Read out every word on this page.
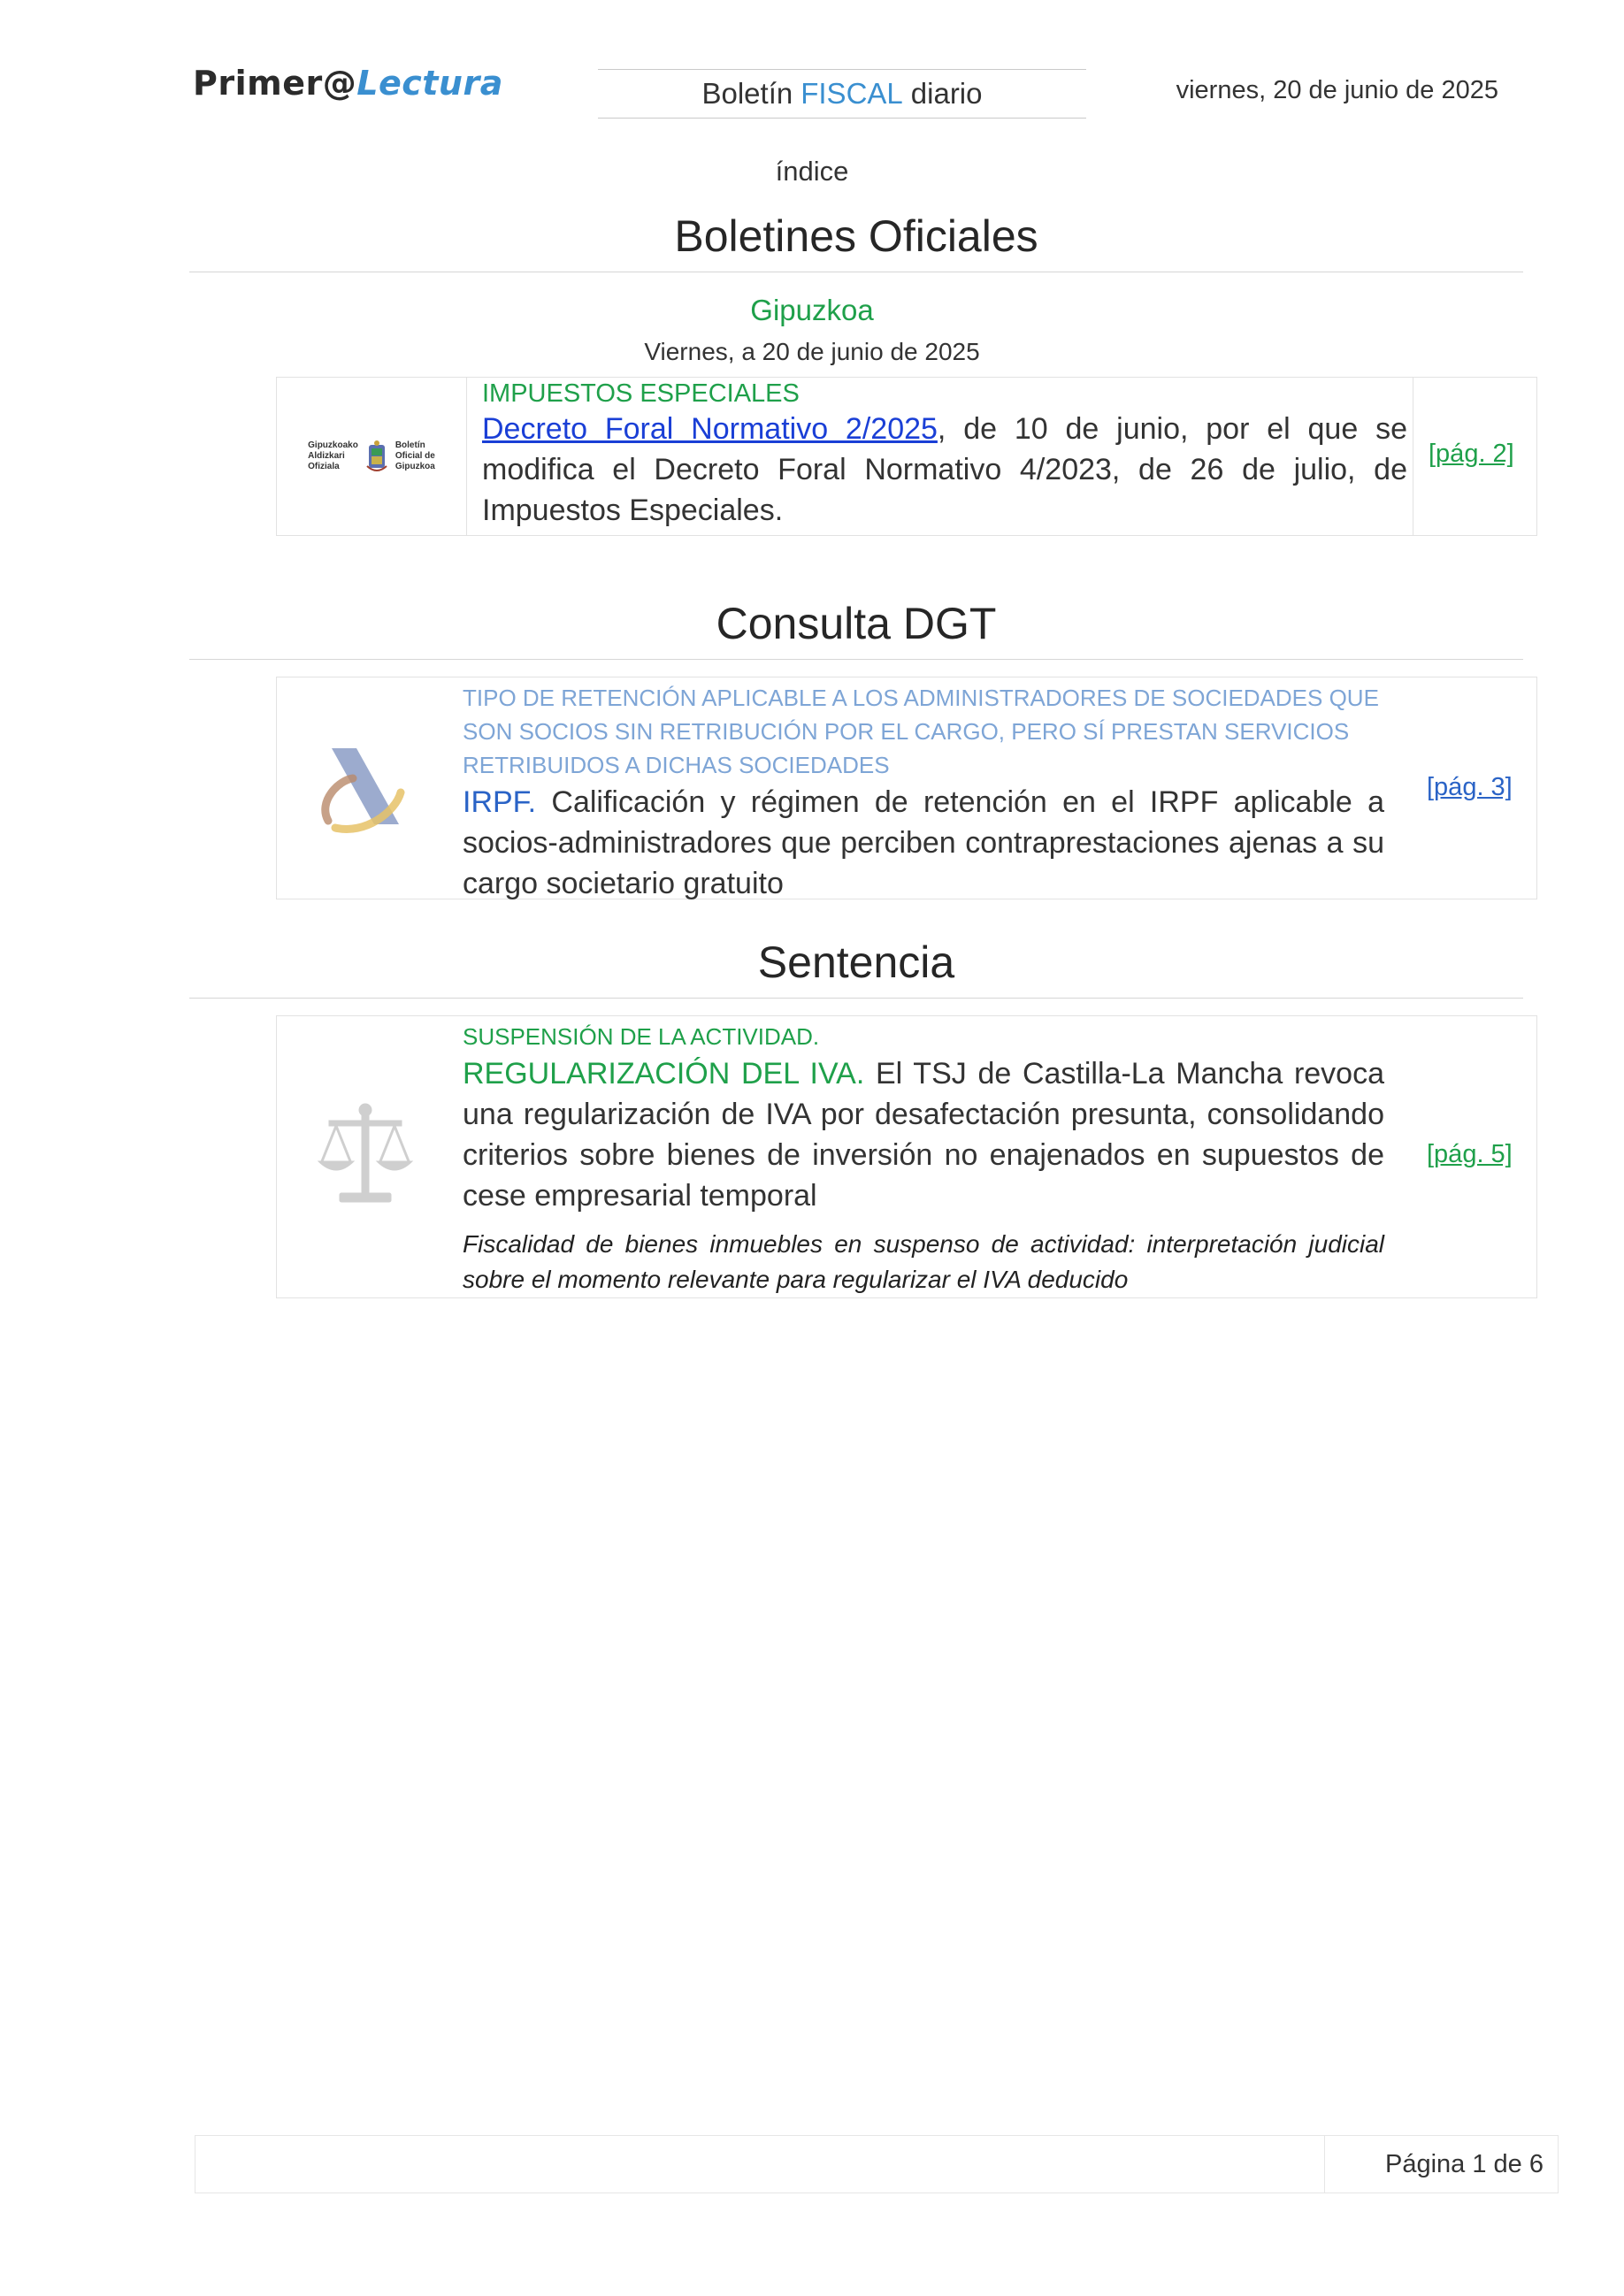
Primer@Lectura	Boletín FISCAL diario	viernes, 20 de junio de 2025
índice
Boletines Oficiales
Gipuzkoa
Viernes, a 20 de junio de 2025
Gipuzkoako
Aldizkari
Ofiziala
Boletín
Oficial de
Gipuzkoa
IMPUESTOS ESPECIALES
Decreto Foral Normativo 2/2025, de 10 de junio, por el que se modifica el Decreto Foral Normativo 4/2023, de 26 de julio, de Impuestos Especiales.
[pág. 2]
Consulta DGT
TIPO DE RETENCIÓN APLICABLE A LOS ADMINISTRADORES DE SOCIEDADES QUE SON SOCIOS SIN RETRIBUCIÓN POR EL CARGO, PERO SÍ PRESTAN SERVICIOS RETRIBUIDOS A DICHAS SOCIEDADES
IRPF. Calificación y régimen de retención en el IRPF aplicable a socios-administradores que perciben contraprestaciones ajenas a su cargo societario gratuito
[pág. 3]
Sentencia
SUSPENSIÓN DE LA ACTIVIDAD.
REGULARIZACIÓN DEL IVA. El TSJ de Castilla-La Mancha revoca una regularización de IVA por desafectación presunta, consolidando criterios sobre bienes de inversión no enajenados en supuestos de cese empresarial temporal
Fiscalidad de bienes inmuebles en suspenso de actividad: interpretación judicial sobre el momento relevante para regularizar el IVA deducido
[pág. 5]
Página 1 de 6
